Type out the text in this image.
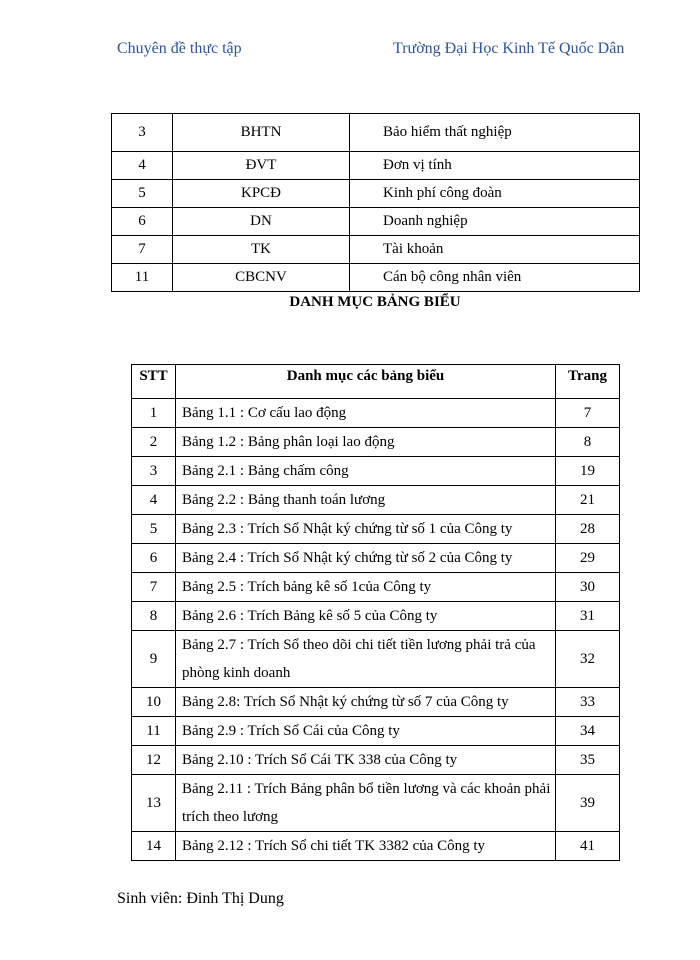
Chuyên đề thực tập	Trường Đại Học Kinh Tế Quốc Dân
3	BHTN	Bảo hiểm thất nghiệp
4	ĐVT	Đơn vị tính
5	KPCĐ	Kinh phí công đoàn
6	DN	Doanh nghiệp
7	TK	Tài khoản
11	CBCNV	Cán bộ công nhân viên
DANH MỤC BẢNG BIỂU
STT	Danh mục các bảng biểu	Trang
1	Bảng 1.1 : Cơ cấu lao động	7
2	Bảng 1.2 : Bảng phân loại lao động	8
3	Bảng 2.1 : Bảng chấm công	19
4	Bảng 2.2 : Bảng thanh toán lương	21
5	Bảng 2.3 : Trích Sổ Nhật ký chứng từ số 1 của Công ty	28
6	Bảng 2.4 : Trích Sổ Nhật ký chứng từ số 2 của Công ty	29
7	Bảng 2.5 : Trích bảng kê số 1của Công ty	30
8	Bảng 2.6 : Trích Bảng kê số 5 của Công ty	31
9	Bảng 2.7 : Trích Sổ theo dõi chi tiết tiền lương phải trả của phòng kinh doanh	32
10	Bảng 2.8: Trích Sổ Nhật ký chứng từ số 7 của Công ty	33
11	Bảng 2.9 : Trích Sổ Cái của Công ty	34
12	Bảng 2.10 : Trích Sổ Cái TK 338 của Công ty	35
13	Bảng 2.11 : Trích Bảng phân bổ tiền lương và các khoản phải trích theo lương	39
14	Bảng 2.12 : Trích Sổ chi tiết TK 3382 của Công ty	41
Sinh viên: Đinh Thị Dung
